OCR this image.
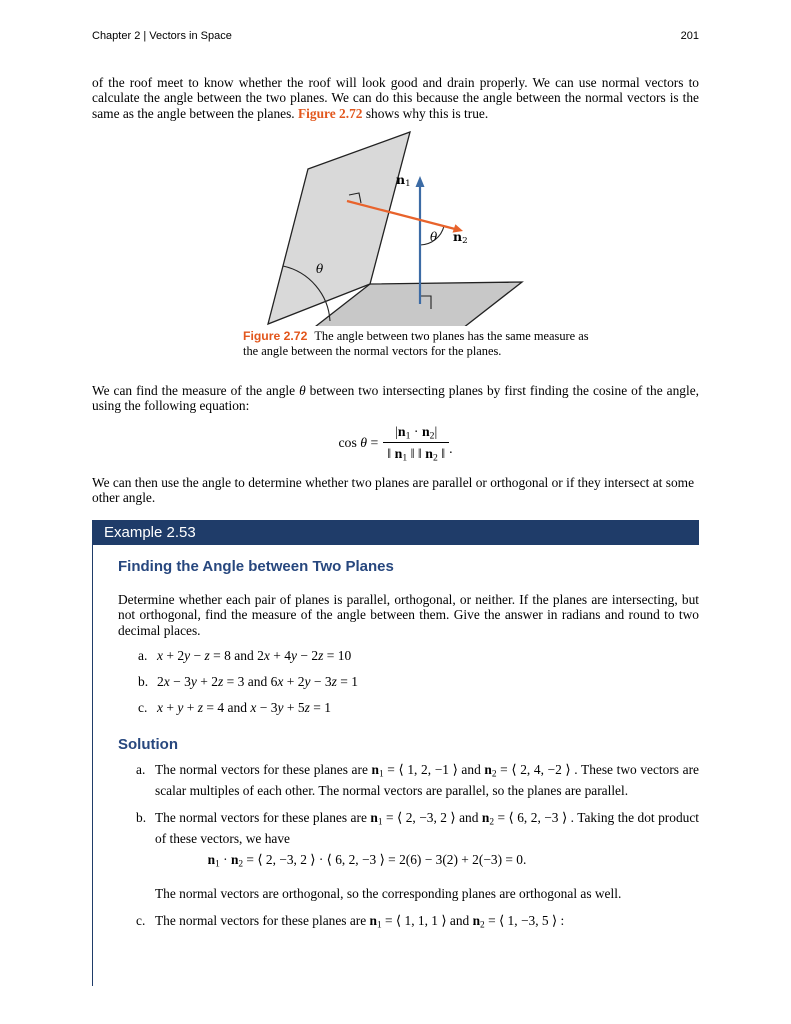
Chapter 2 | Vectors in Space	201

of the roof meet to know whether the roof will look good and drain properly. We can use normal vectors to calculate the angle between the two planes. We can do this because the angle between the normal vectors is the same as the angle between the planes. Figure 2.72 shows why this is true.

$n_1$
$n_2$
θ
θ
Figure 2.72 The angle between two planes has the same measure as the angle between the normal vectors for the planes.

We can find the measure of the angle θ between two intersecting planes by first finding the cosine of the angle, using the following equation:

$\cos \theta = \frac{|n_1 \cdot n_2|}{‖ n_1 ‖ ‖ n_2 ‖}$ .

We can then use the angle to determine whether two planes are parallel or orthogonal or if they intersect at some other angle.

Example 2.53
Finding the Angle between Two Planes

Determine whether each pair of planes is parallel, orthogonal, or neither. If the planes are intersecting, but not orthogonal, find the measure of the angle between them. Give the answer in radians and round to two decimal places.

a. x + 2y − z = 8 and 2x + 4y − 2z = 10
b. 2x − 3y + 2z = 3 and 6x + 2y − 3z = 1
c. x + y + z = 4 and x − 3y + 5z = 1
Solution
a. The normal vectors for these planes are $n_1$ = ⟨ 1, 2, −1 ⟩ and $n_2$ = ⟨ 2, 4, −2 ⟩ . These two vectors are scalar multiples of each other. The normal vectors are parallel, so the planes are parallel.
b. The normal vectors for these planes are $n_1$ = ⟨ 2, −3, 2 ⟩ and $n_2$ = ⟨ 6, 2, −3 ⟩ . Taking the dot product of these vectors, we have
$n_1 \cdot n_2$ = ⟨ 2, −3, 2 ⟩ · ⟨ 6, 2, −3 ⟩ = 2(6) − 3(2) + 2(−3) = 0.
The normal vectors are orthogonal, so the corresponding planes are orthogonal as well.
c. The normal vectors for these planes are $n_1$ = ⟨ 1, 1, 1 ⟩ and $n_2$ = ⟨ 1, −3, 5 ⟩ :
